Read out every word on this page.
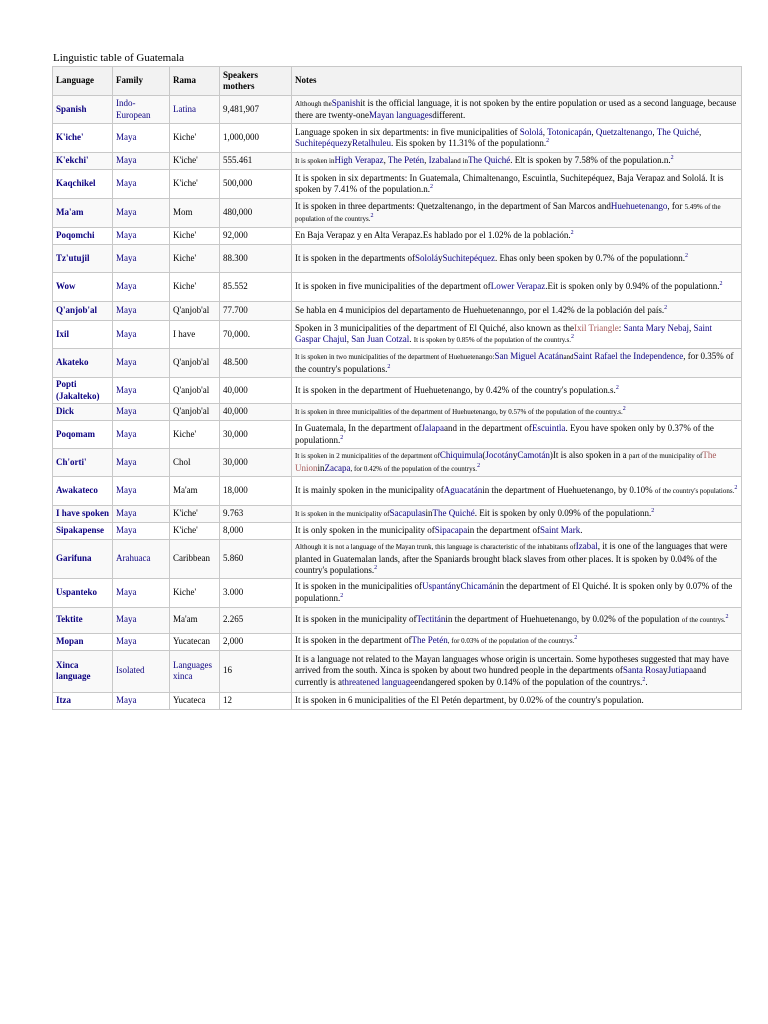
Linguistic table of Guatemala
Language	Family	Rama	Speakers mothers	Notes
Spanish	Indo-European	Latina	9,481,907	Although theSpanishit is the official language, it is not spoken by the entire population or used as a second language, because there are twenty-oneMayan languagesdifferent.
K'iche'	Maya	Kiche'	1,000,000	Language spoken in six departments: in five municipalities of Sololá, Totonicapán, Quetzaltenango, The Quiché, SuchitepéquezyRetalhuleu. Eis spoken by 11.31% of the populationn.$^2$
K'ekchi'	Maya	K'iche'	555.461	It is spoken inHigh Verapaz, The Petén, Izabaland inThe Quiché. Elt is spoken by 7.58% of the population.n.$^2$
Kaqchikel	Maya	K'iche'	500,000	It is spoken in six departments: In Guatemala, Chimaltenango, Escuintla, Suchitepéquez, Baja Verapaz and Sololá. It is spoken by 7.41% of the population.n.$^2$
Ma'am	Maya	Mom	480,000	It is spoken in three departments: Quetzaltenango, in the department of San Marcos andHuehuetenango, for 5.49% of the population of the countrys.$^2$
Poqomchi	Maya	Kiche'	92,000	En Baja Verapaz y en Alta Verapaz.Es hablado por el 1.02% de la población.$^2$
Tz'utujil	Maya	Kiche'	88.300	It is spoken in the departments ofSololáySuchitepéquez. Ehas only been spoken by 0.7% of the populationn.$^2$
Wow	Maya	Kiche'	85.552	It is spoken in five municipalities of the department ofLower Verapaz.Eit is spoken only by 0.94% of the populationn.$^2$
Q'anjob'al	Maya	Q'anjob'al	77.700	Se habla en 4 municipios del departamento de Huehuetenanngo, por el 1.42% de la población del país.$^2$
Ixil	Maya	I have	70,000.	Spoken in 3 municipalities of the department of El Quiché, also known as theIxil Triangle: Santa Mary Nebaj, Saint Gaspar Chajul, San Juan Cotzal. It is spoken by 0.85% of the population of the country.s.$^2$
Akateko	Maya	Q'anjob'al	48.500	It is spoken in two municipalities of the department of Huehuetenango:San Miguel AcatánandSaint Rafael the Independence, for 0.35% of the country's populations.$^2$
Popti (Jakalteko)	Maya	Q'anjob'al	40,000	It is spoken in the department of Huehuetenango, by 0.42% of the country's population.s.$^2$
Dick	Maya	Q'anjob'al	40,000	It is spoken in three municipalities of the department of Huehuetenango, by 0.57% of the population of the country.s.$^2$
Poqomam	Maya	Kiche'	30,000	In Guatemala, In the department ofJalapaand in the department ofEscuintla. Eyou have spoken only by 0.37% of the populationn.$^2$
Ch'orti'	Maya	Chol	30,000	It is spoken in 2 municipalities of the department ofChiquimula(JocotányCamotán)It is also spoken in a part of the municipality ofThe UnioninZacapa, for 0.42% of the population of the countrys.$^2$
Awakateco	Maya	Ma'am	18,000	It is mainly spoken in the municipality ofAguacatánin the department of Huehuetenango, by 0.10% of the country's populations.$^2$
I have spoken	Maya	K'iche'	9.763	It is spoken in the municipality ofSacapulasinThe Quiché. Eit is spoken by only 0.09% of the populationn.$^2$
Sipakapense	Maya	K'iche'	8,000	It is only spoken in the municipality ofSipacapain the department ofSaint Mark.
Garifuna	Arahuaca	Caribbean	5.860	Although it is not a language of the Mayan trunk, this language is characteristic of the inhabitants ofIzabal, it is one of the languages that were planted in Guatemalan lands, after the Spaniards brought black slaves from other places. It is spoken by 0.04% of the country's populations.$^2$
Uspanteko	Maya	Kiche'	3.000	It is spoken in the municipalities ofUspantányChicamánin the department of El Quiché. It is spoken only by 0.07% of the populationn.$^2$
Tektite	Maya	Ma'am	2.265	It is spoken in the municipality ofTectitánin the department of Huehuetenango, by 0.02% of the population of the countrys.$^2$
Mopan	Maya	Yucatecan	2,000	It is spoken in the department ofThe Petén, for 0.03% of the population of the countrys.$^2$
Xinca language	Isolated	Languages xinca	16	It is a language not related to the Mayan languages whose origin is uncertain. Some hypotheses suggested that may have arrived from the south. Xinca is spoken by about two hundred people in the departments ofSanta RosayJutiapaand currently is athreatened languageendangered spoken by 0.14% of the population of the countrys.$^2$.
Itza	Maya	Yucateca	12	It is spoken in 6 municipalities of the El Petén department, by 0.02% of the country's population.
